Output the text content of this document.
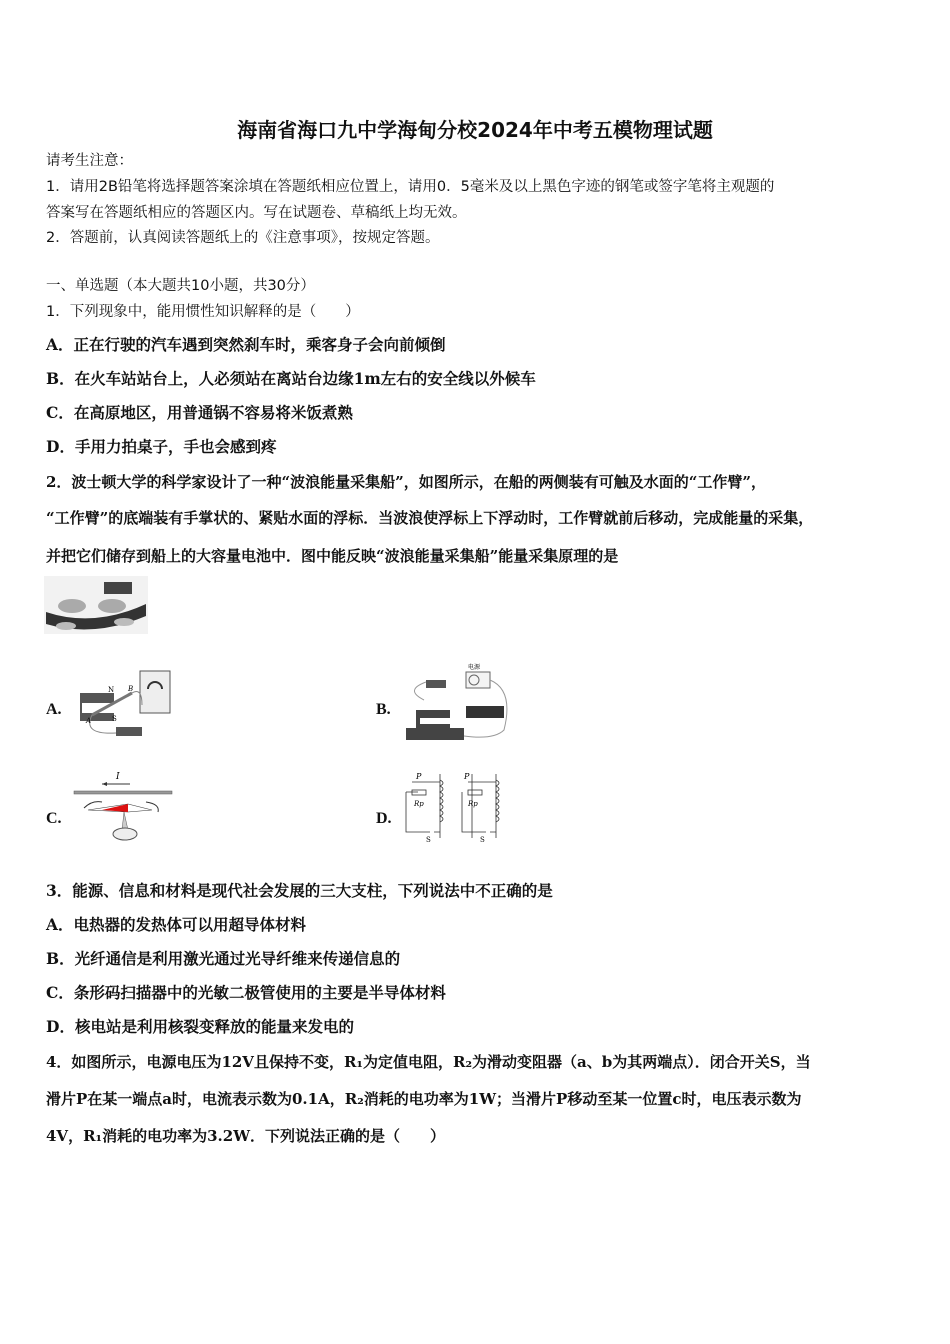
海南省海口九中学海甸分校2024年中考五模物理试题
请考生注意：
1．请用2B铅笔将选择题答案涂填在答题纸相应位置上，请用0．5毫米及以上黑色字迹的钢笔或签字笔将主观题的
答案写在答题纸相应的答题区内。写在试题卷、草稿纸上均无效。
2．答题前，认真阅读答题纸上的《注意事项》，按规定答题。
一、单选题（本大题共10小题，共30分）
1．下列现象中，能用惯性知识解释的是（　　）
A．正在行驶的汽车遇到突然刹车时，乘客身子会向前倾倒
B．在火车站站台上，人必须站在离站台边缘1m左右的安全线以外候车
C．在高原地区，用普通锅不容易将米饭煮熟
D．手用力拍桌子，手也会感到疼
2．波士顿大学的科学家设计了一种“波浪能量采集船”，如图所示，在船的两侧装有可触及水面的“工作臂”，
“工作臂”的底端装有手掌状的、紧贴水面的浮标．当波浪使浮标上下浮动时，工作臂就前后移动，完成能量的采集，
并把它们储存到船上的大容量电池中．图中能反映“波浪能量采集船”能量采集原理的是
A.
N
S
A
B
B.
电源
C.
I
D.
P
Rp
S
P
Rp
S
3．能源、信息和材料是现代社会发展的三大支柱，下列说法中不正确的是
A．电热器的发热体可以用超导体材料
B．光纤通信是利用激光通过光导纤维来传递信息的
C．条形码扫描器中的光敏二极管使用的主要是半导体材料
D．核电站是利用核裂变释放的能量来发电的
4．如图所示，电源电压为12V且保持不变，R₁为定值电阻，R₂为滑动变阻器（a、b为其两端点）．闭合开关S，当
滑片P在某一端点a时，电流表示数为0.1A，R₂消耗的电功率为1W；当滑片P移动至某一位置c时，电压表示数为
4V，R₁消耗的电功率为3.2W．下列说法正确的是（　　）
